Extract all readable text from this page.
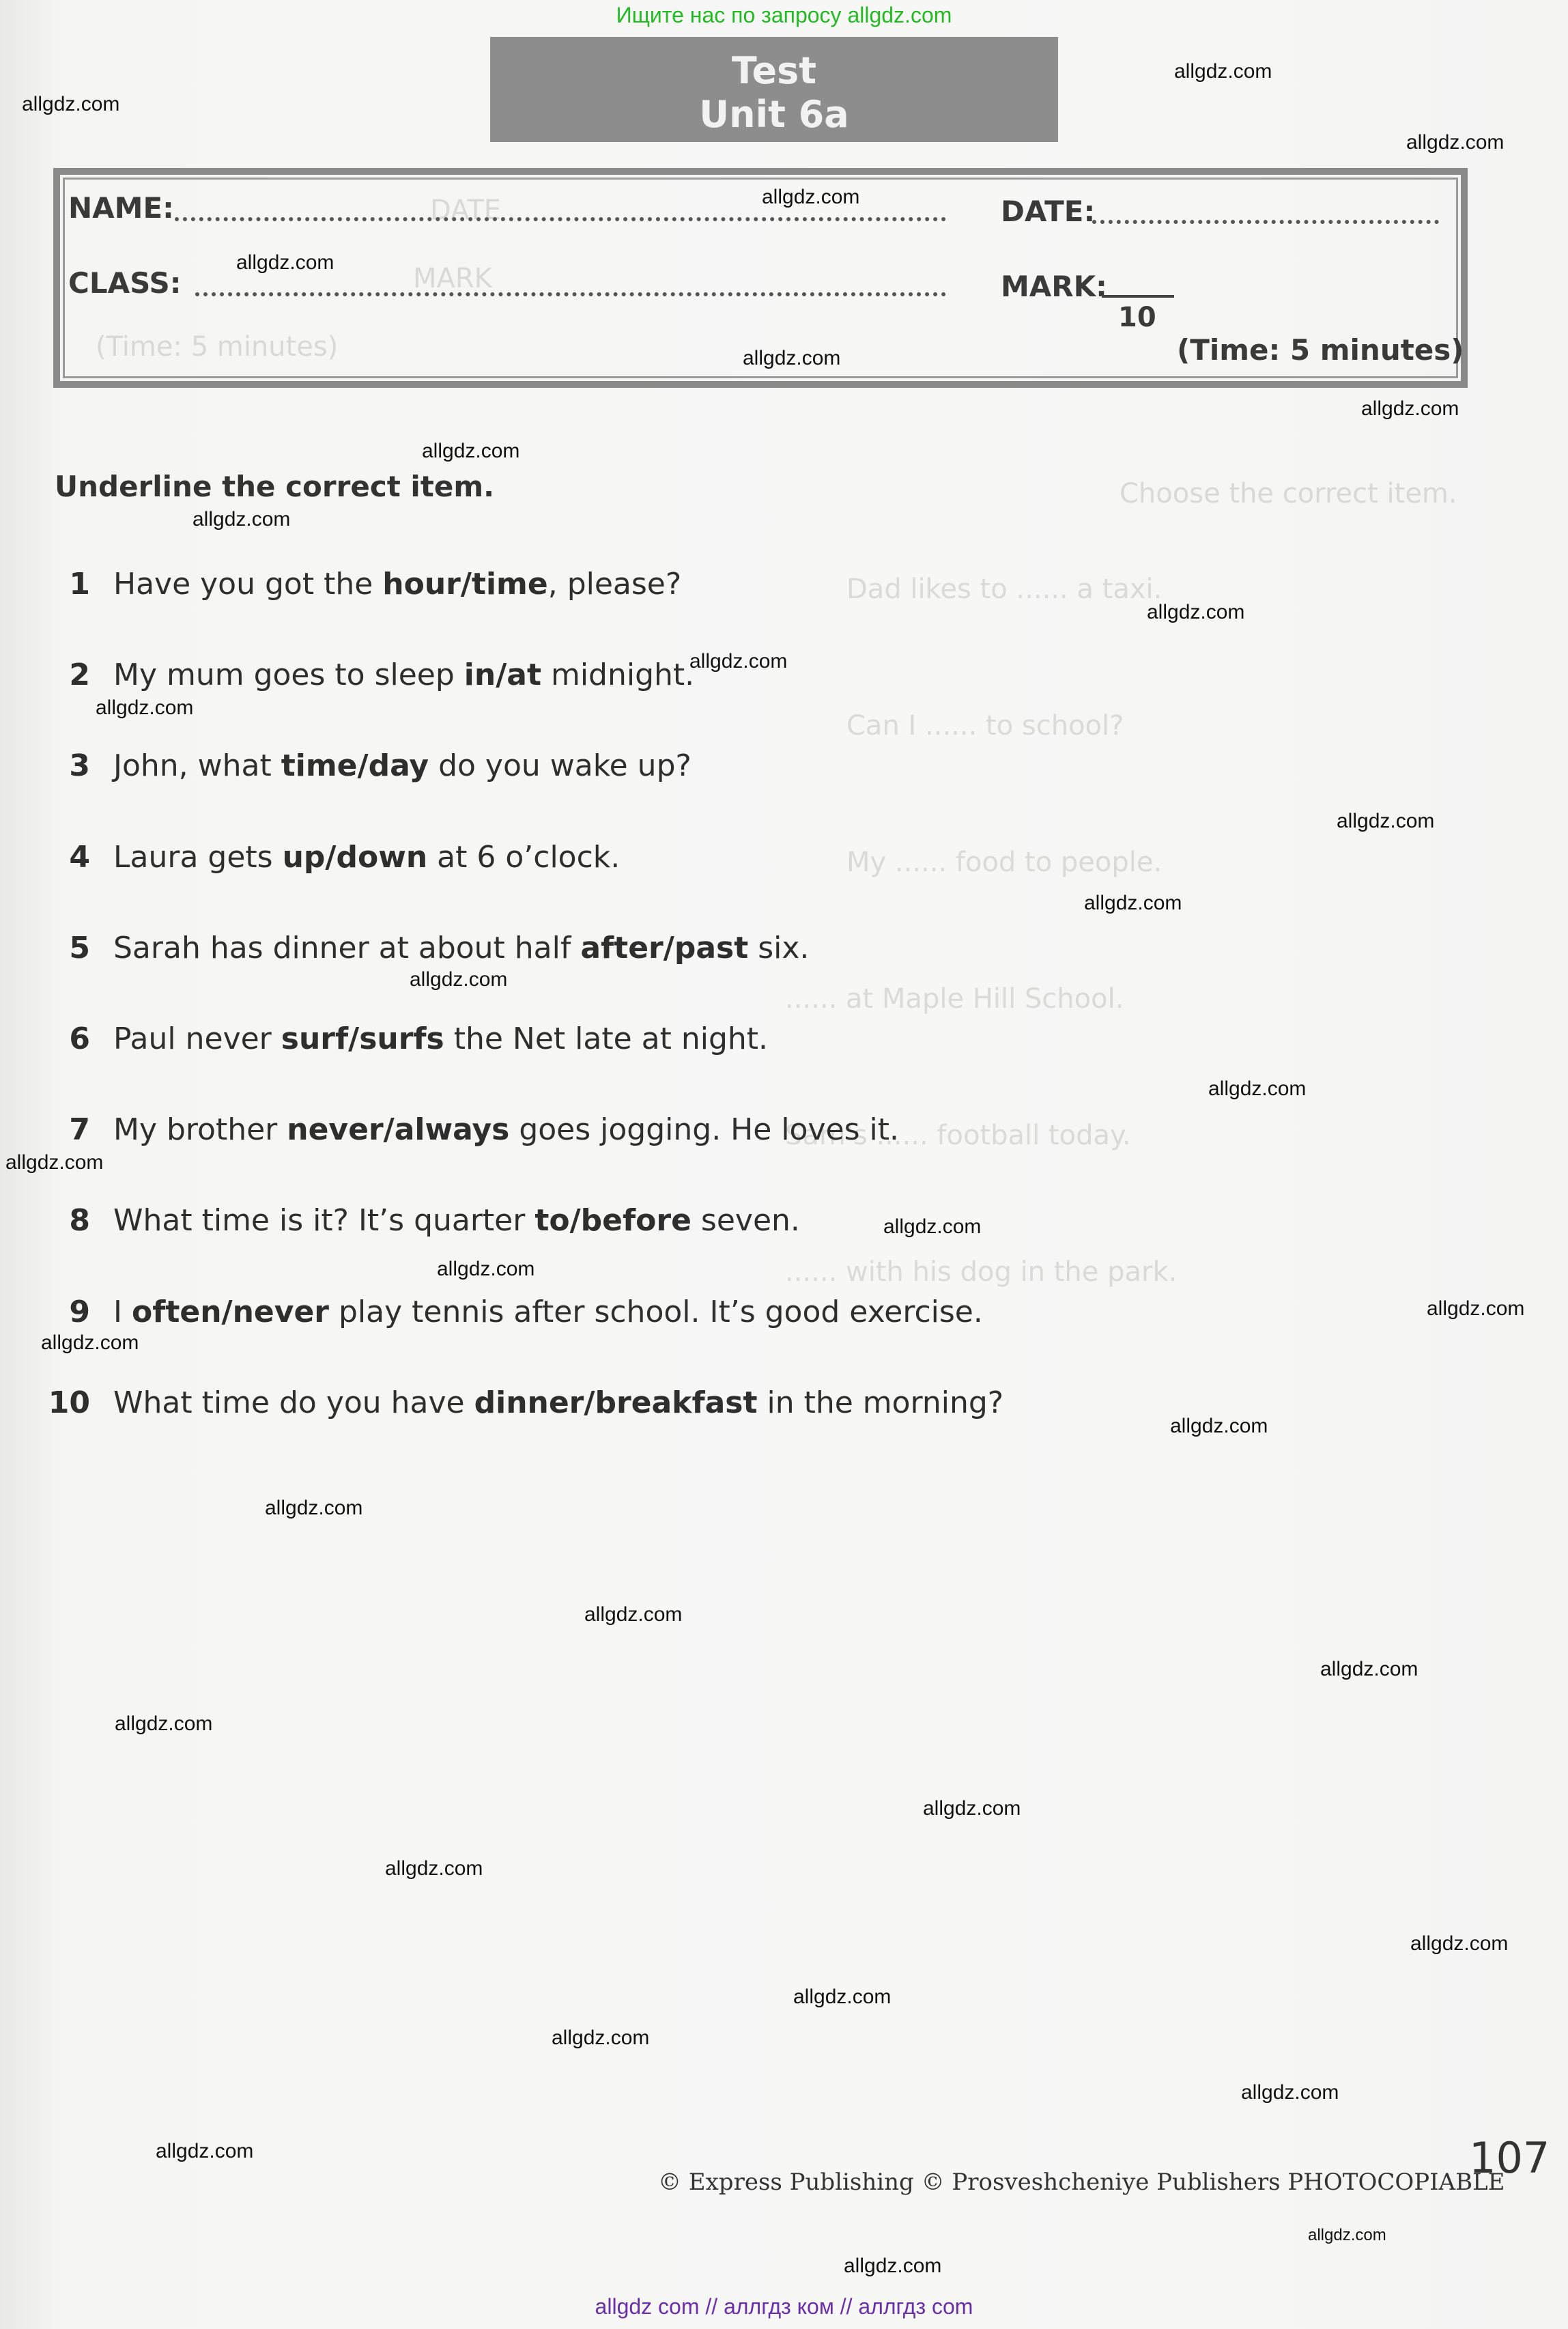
Ищите нас по запросу allgdz.com
Test
Unit 6a
DATE
MARK
(Time: 5 minutes)
Choose the correct item.
Dad likes to ...... a taxi.
Can I ...... to school?
My ...... food to people.
...... at Maple Hill School.
Sam's ...... football today.
...... with his dog in the park.
NAME:	DATE:
CLASS:	MARK:
10
(Time: 5 minutes)
Underline the correct item.
1 Have you got the hour/time, please?
2 My mum goes to sleep in/at midnight.
3 John, what time/day do you wake up?
4 Laura gets up/down at 6 o’clock.
5 Sarah has dinner at about half after/past six.
6 Paul never surf/surfs the Net late at night.
7 My brother never/always goes jogging. He loves it.
8 What time is it? It’s quarter to/before seven.
9 I often/never play tennis after school. It’s good exercise.
10 What time do you have dinner/breakfast in the morning?
© Express Publishing © Prosveshcheniye Publishers PHOTOCOPIABLE
107
allgdz.com
allgdz.com
allgdz.com
allgdz.com
allgdz.com
allgdz.com
allgdz.com
allgdz.com
allgdz.com
allgdz.com
allgdz.com
allgdz.com
allgdz.com
allgdz.com
allgdz.com
allgdz.com
allgdz.com
allgdz.com
allgdz.com
allgdz.com
allgdz.com
allgdz.com
allgdz.com
allgdz.com
allgdz.com
allgdz.com
allgdz.com
allgdz.com
allgdz.com
allgdz.com
allgdz.com
allgdz.com
allgdz.com
allgdz.com
allgdz.com
allgdz com // аллгдз ком // аллгдз com
